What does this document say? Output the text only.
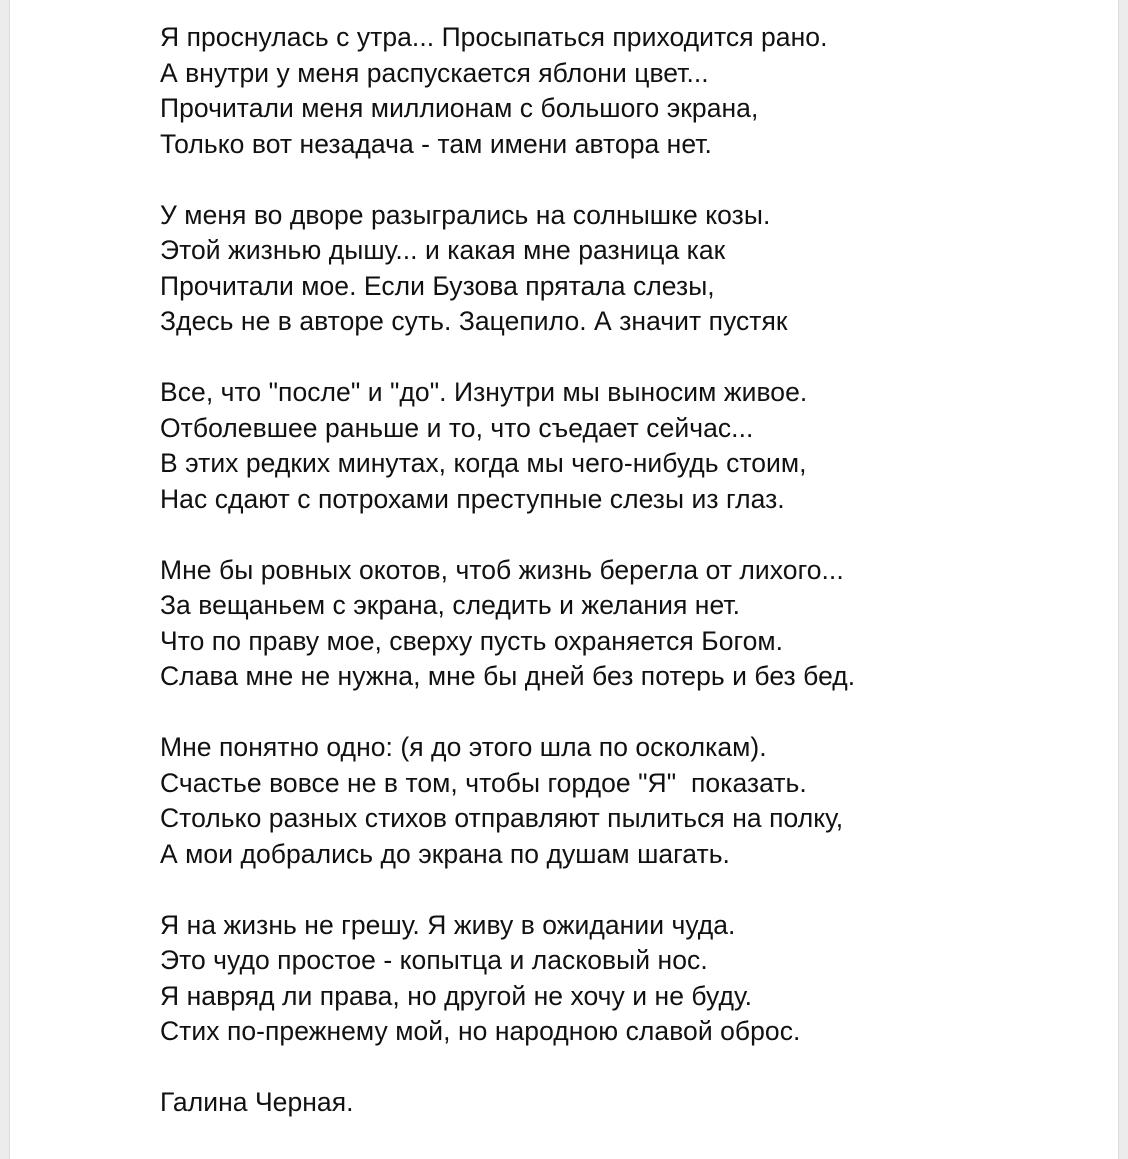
Я проснулась с утра... Просыпаться приходится рано.
А внутри у меня распускается яблони цвет...
Прочитали меня миллионам с большого экрана,
Только вот незадача - там имени автора нет.
У меня во дворе разыгрались на солнышке козы.
Этой жизнью дышу... и какая мне разница как
Прочитали мое. Если Бузова прятала слезы,
Здесь не в авторе суть. Зацепило. А значит пустяк
Все, что "после" и "до". Изнутри мы выносим живое.
Отболевшее раньше и то, что съедает сейчас...
В этих редких минутах, когда мы чего-нибудь стоим,
Нас сдают с потрохами преступные слезы из глаз.
Мне бы ровных окотов, чтоб жизнь берегла от лихого...
За вещаньем с экрана, следить и желания нет.
Что по праву мое, сверху пусть охраняется Богом.
Слава мне не нужна, мне бы дней без потерь и без бед.
Мне понятно одно: (я до этого шла по осколкам).
Счастье вовсе не в том, чтобы гордое "Я"  показать.
Столько разных стихов отправляют пылиться на полку,
А мои добрались до экрана по душам шагать.
Я на жизнь не грешу. Я живу в ожидании чуда.
Это чудо простое - копытца и ласковый нос.
Я навряд ли права, но другой не хочу и не буду.
Стих по-прежнему мой, но народною славой оброс.
Галина Черная.
